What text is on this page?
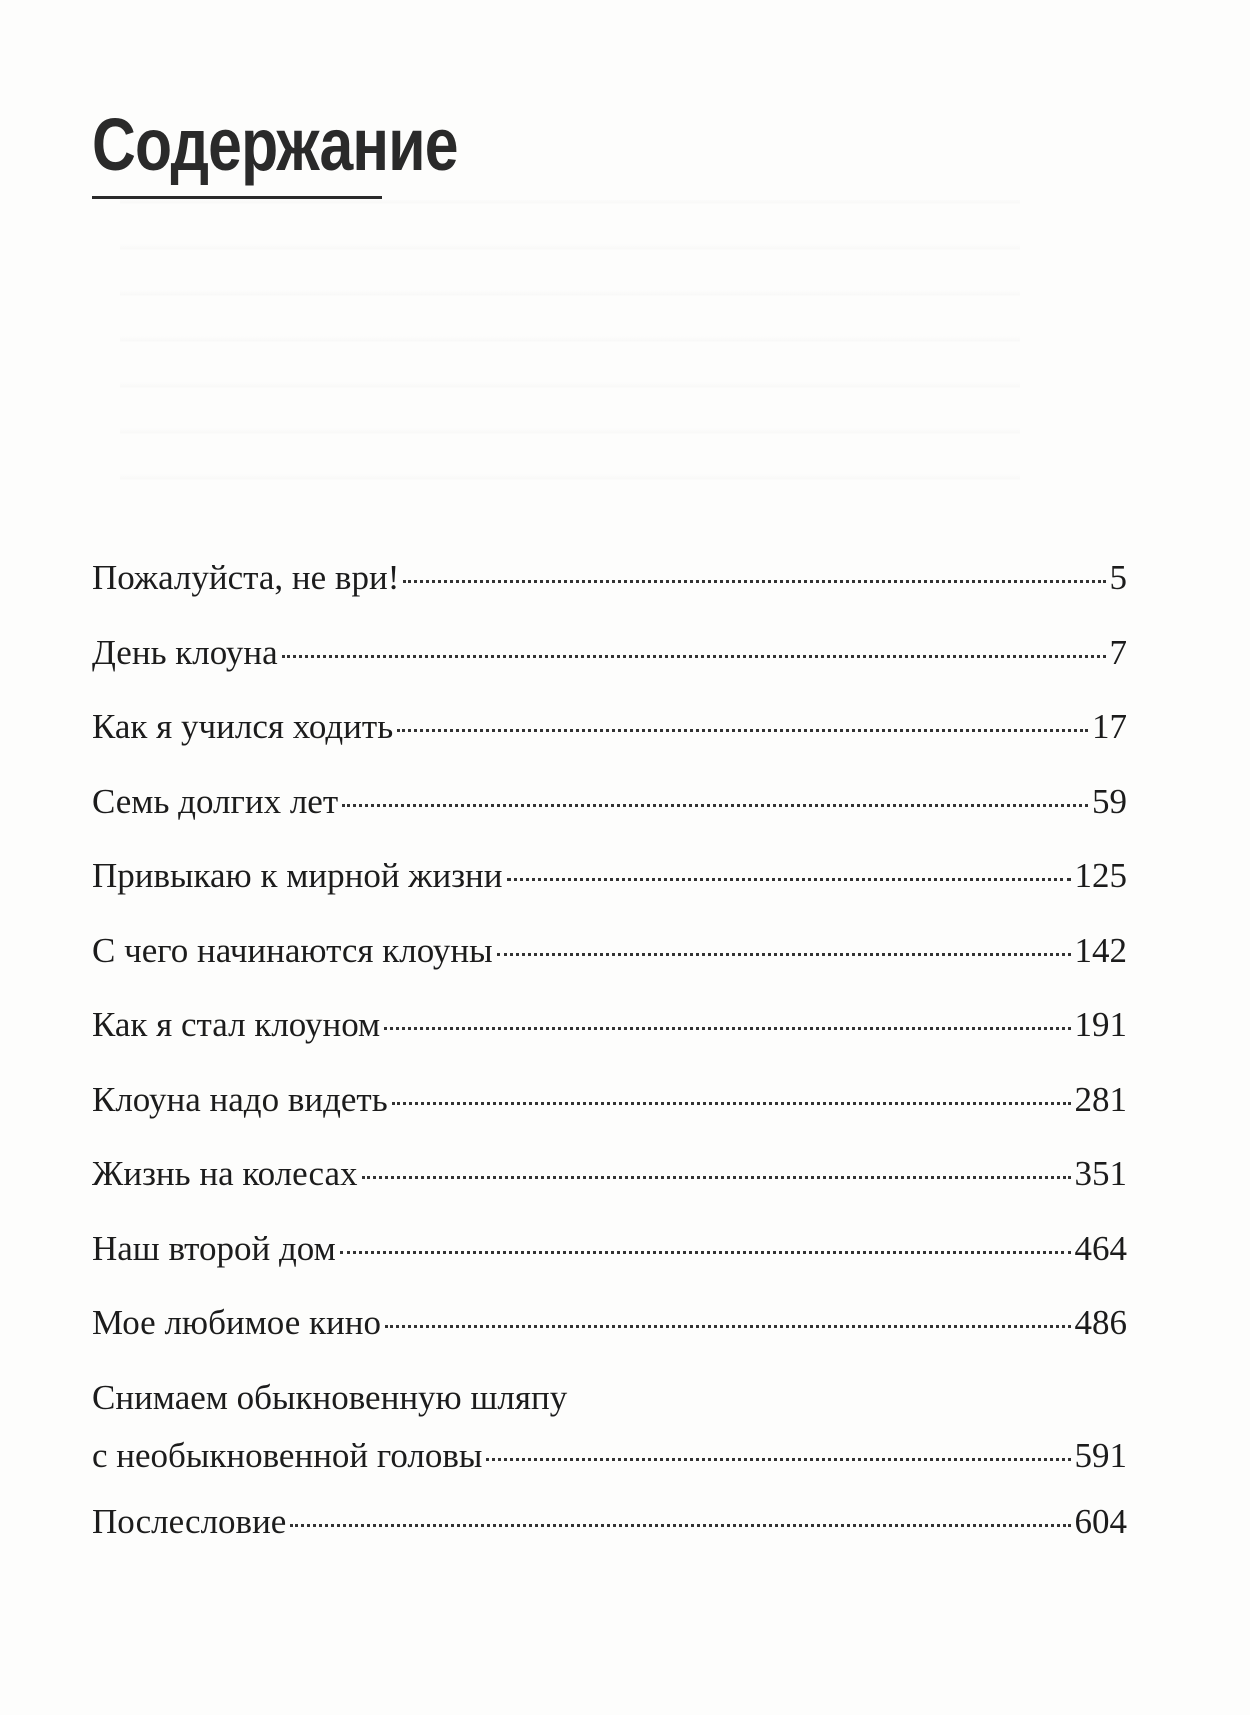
Содержание
Пожалуйста, не ври!	5
День клоуна	7
Как я учился ходить	17
Семь долгих лет	59
Привыкаю к мирной жизни	125
С чего начинаются клоуны	142
Как я стал клоуном	191
Клоуна надо видеть	281
Жизнь на колесах	351
Наш второй дом	464
Мое любимое кино	486
Снимаем обыкновенную шляпу
с необыкновенной головы	591
Послесловие	604
